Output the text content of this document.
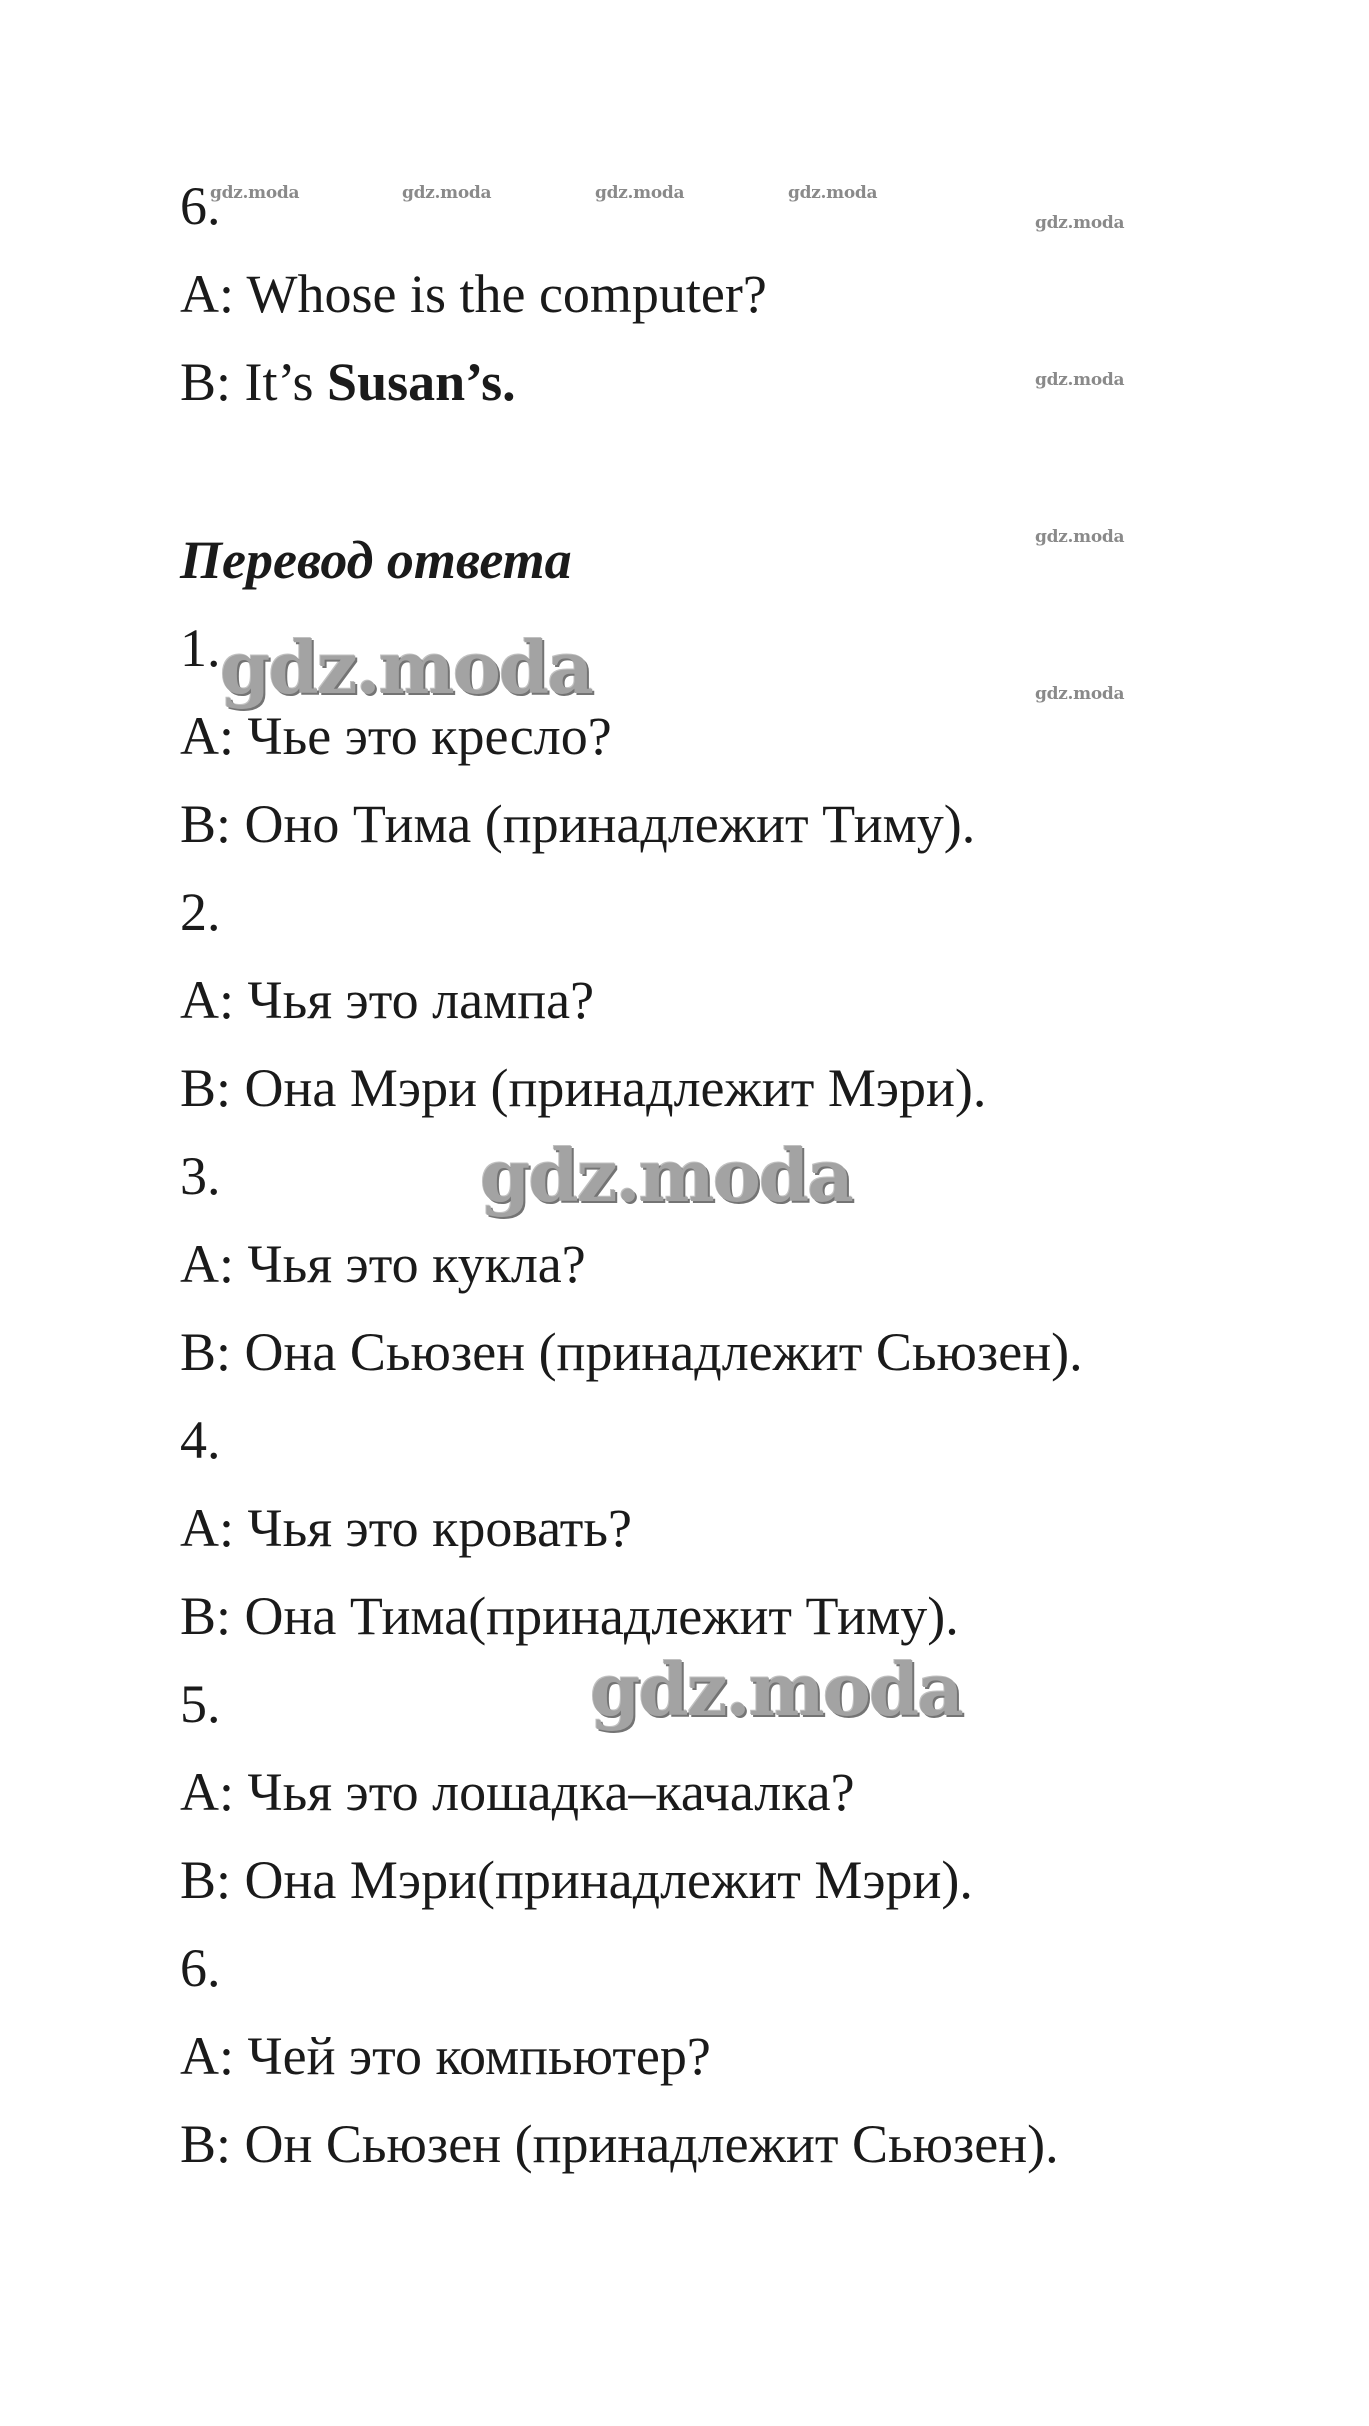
gdz.moda	gdz.moda	gdz.moda	gdz.moda
gdz.moda
gdz.moda
gdz.moda
gdz.moda
6.
A: Whose is the computer?
B: It’s Susan’s.
Перевод ответа
1.
А: Чье это кресло?
В: Оно Тима (принадлежит Тиму).
2.
А: Чья это лампа?
В: Она Мэри (принадлежит Мэри).
3.
А: Чья это кукла?
В: Она Сьюзен (принадлежит Сьюзен).
4.
А: Чья это кровать?
В: Она Тима(принадлежит Тиму).
5.
А: Чья это лошадка–качалка?
В: Она Мэри(принадлежит Мэри).
6.
А: Чей это компьютер?
В: Он Сьюзен (принадлежит Сьюзен).
gdz.moda
gdz.moda
gdz.moda
